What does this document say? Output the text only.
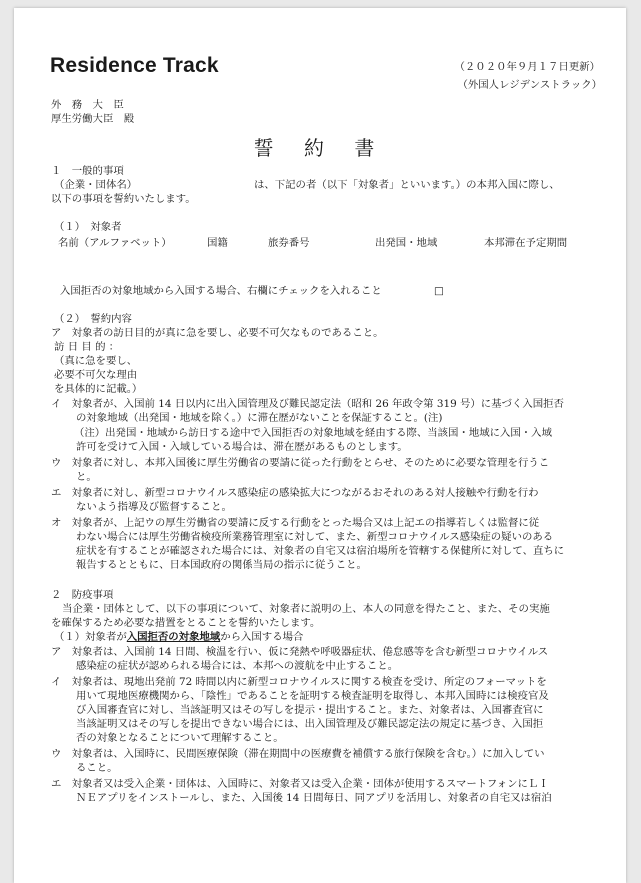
Residence Track	（２０２０年９月１７日更新）
（外国人レジデンストラック）
外　務　大　臣
厚生労働大臣　殿
誓 約 書
１　一般的事項
（企業・団体名）	は、下記の者（以下「対象者」といいます。）の本邦入国に際し、
以下の事項を誓約いたします。
（１）　対象者
名前（アルファベット）	国籍	旅券番号	出発国・地域	本邦滞在予定期間
入国拒否の対象地域から入国する場合、右欄にチェックを入れること	□
（２）　誓約内容
ア　対象者の訪日目的が真に急を要し、必要不可欠なものであること。
訪 日 目 的 ：
（真に急を要し、
必要不可欠な理由
を具体的に記載。）
イ　対象者が、入国前 14 日以内に出入国管理及び難民認定法（昭和 26 年政令第 319 号）に基づく入国拒否
の対象地域（出発国・地域を除く。）に滞在歴がないことを保証すること。(注)
（注）出発国・地域から訪日する途中で入国拒否の対象地域を経由する際、当該国・地域に入国・入域
許可を受けて入国・入域している場合は、滞在歴があるものとします。
ウ　対象者に対し、本邦入国後に厚生労働省の要請に従った行動をとらせ、そのために必要な管理を行うこ
と。
エ　対象者に対し、新型コロナウイルス感染症の感染拡大につながるおそれのある対人接触や行動を行わ
ないよう指導及び監督すること。
オ　対象者が、上記ウの厚生労働省の要請に反する行動をとった場合又は上記エの指導若しくは監督に従
わない場合には厚生労働省検疫所業務管理室に対して、また、新型コロナウイルス感染症の疑いのある
症状を有することが確認された場合には、対象者の自宅又は宿泊場所を管轄する保健所に対して、直ちに
報告するとともに、日本国政府の関係当局の指示に従うこと。
２　防疫事項
当企業・団体として、以下の事項について、対象者に説明の上、本人の同意を得たこと、また、その実施
を確保するため必要な措置をとることを誓約いたします。
（１）対象者が入国拒否の対象地域から入国する場合
ア　対象者は、入国前 14 日間、検温を行い、仮に発熱や呼吸器症状、倦怠感等を含む新型コロナウイルス
感染症の症状が認められる場合には、本邦への渡航を中止すること。
イ　対象者は、現地出発前 72 時間以内に新型コロナウイルスに関する検査を受け、所定のフォーマットを
用いて現地医療機関から、「陰性」であることを証明する検査証明を取得し、本邦入国時には検疫官及
び入国審査官に対し、当該証明又はその写しを提示・提出すること。また、対象者は、入国審査官に
当該証明又はその写しを提出できない場合には、出入国管理及び難民認定法の規定に基づき、入国拒
否の対象となることについて理解すること。
ウ　対象者は、入国時に、民間医療保険（滞在期間中の医療費を補償する旅行保険を含む。）に加入してい
ること。
エ　対象者又は受入企業・団体は、入国時に、対象者又は受入企業・団体が使用するスマートフォンにＬＩ
ＮＥアプリをインストールし、また、入国後 14 日間毎日、同アプリを活用し、対象者の自宅又は宿泊
